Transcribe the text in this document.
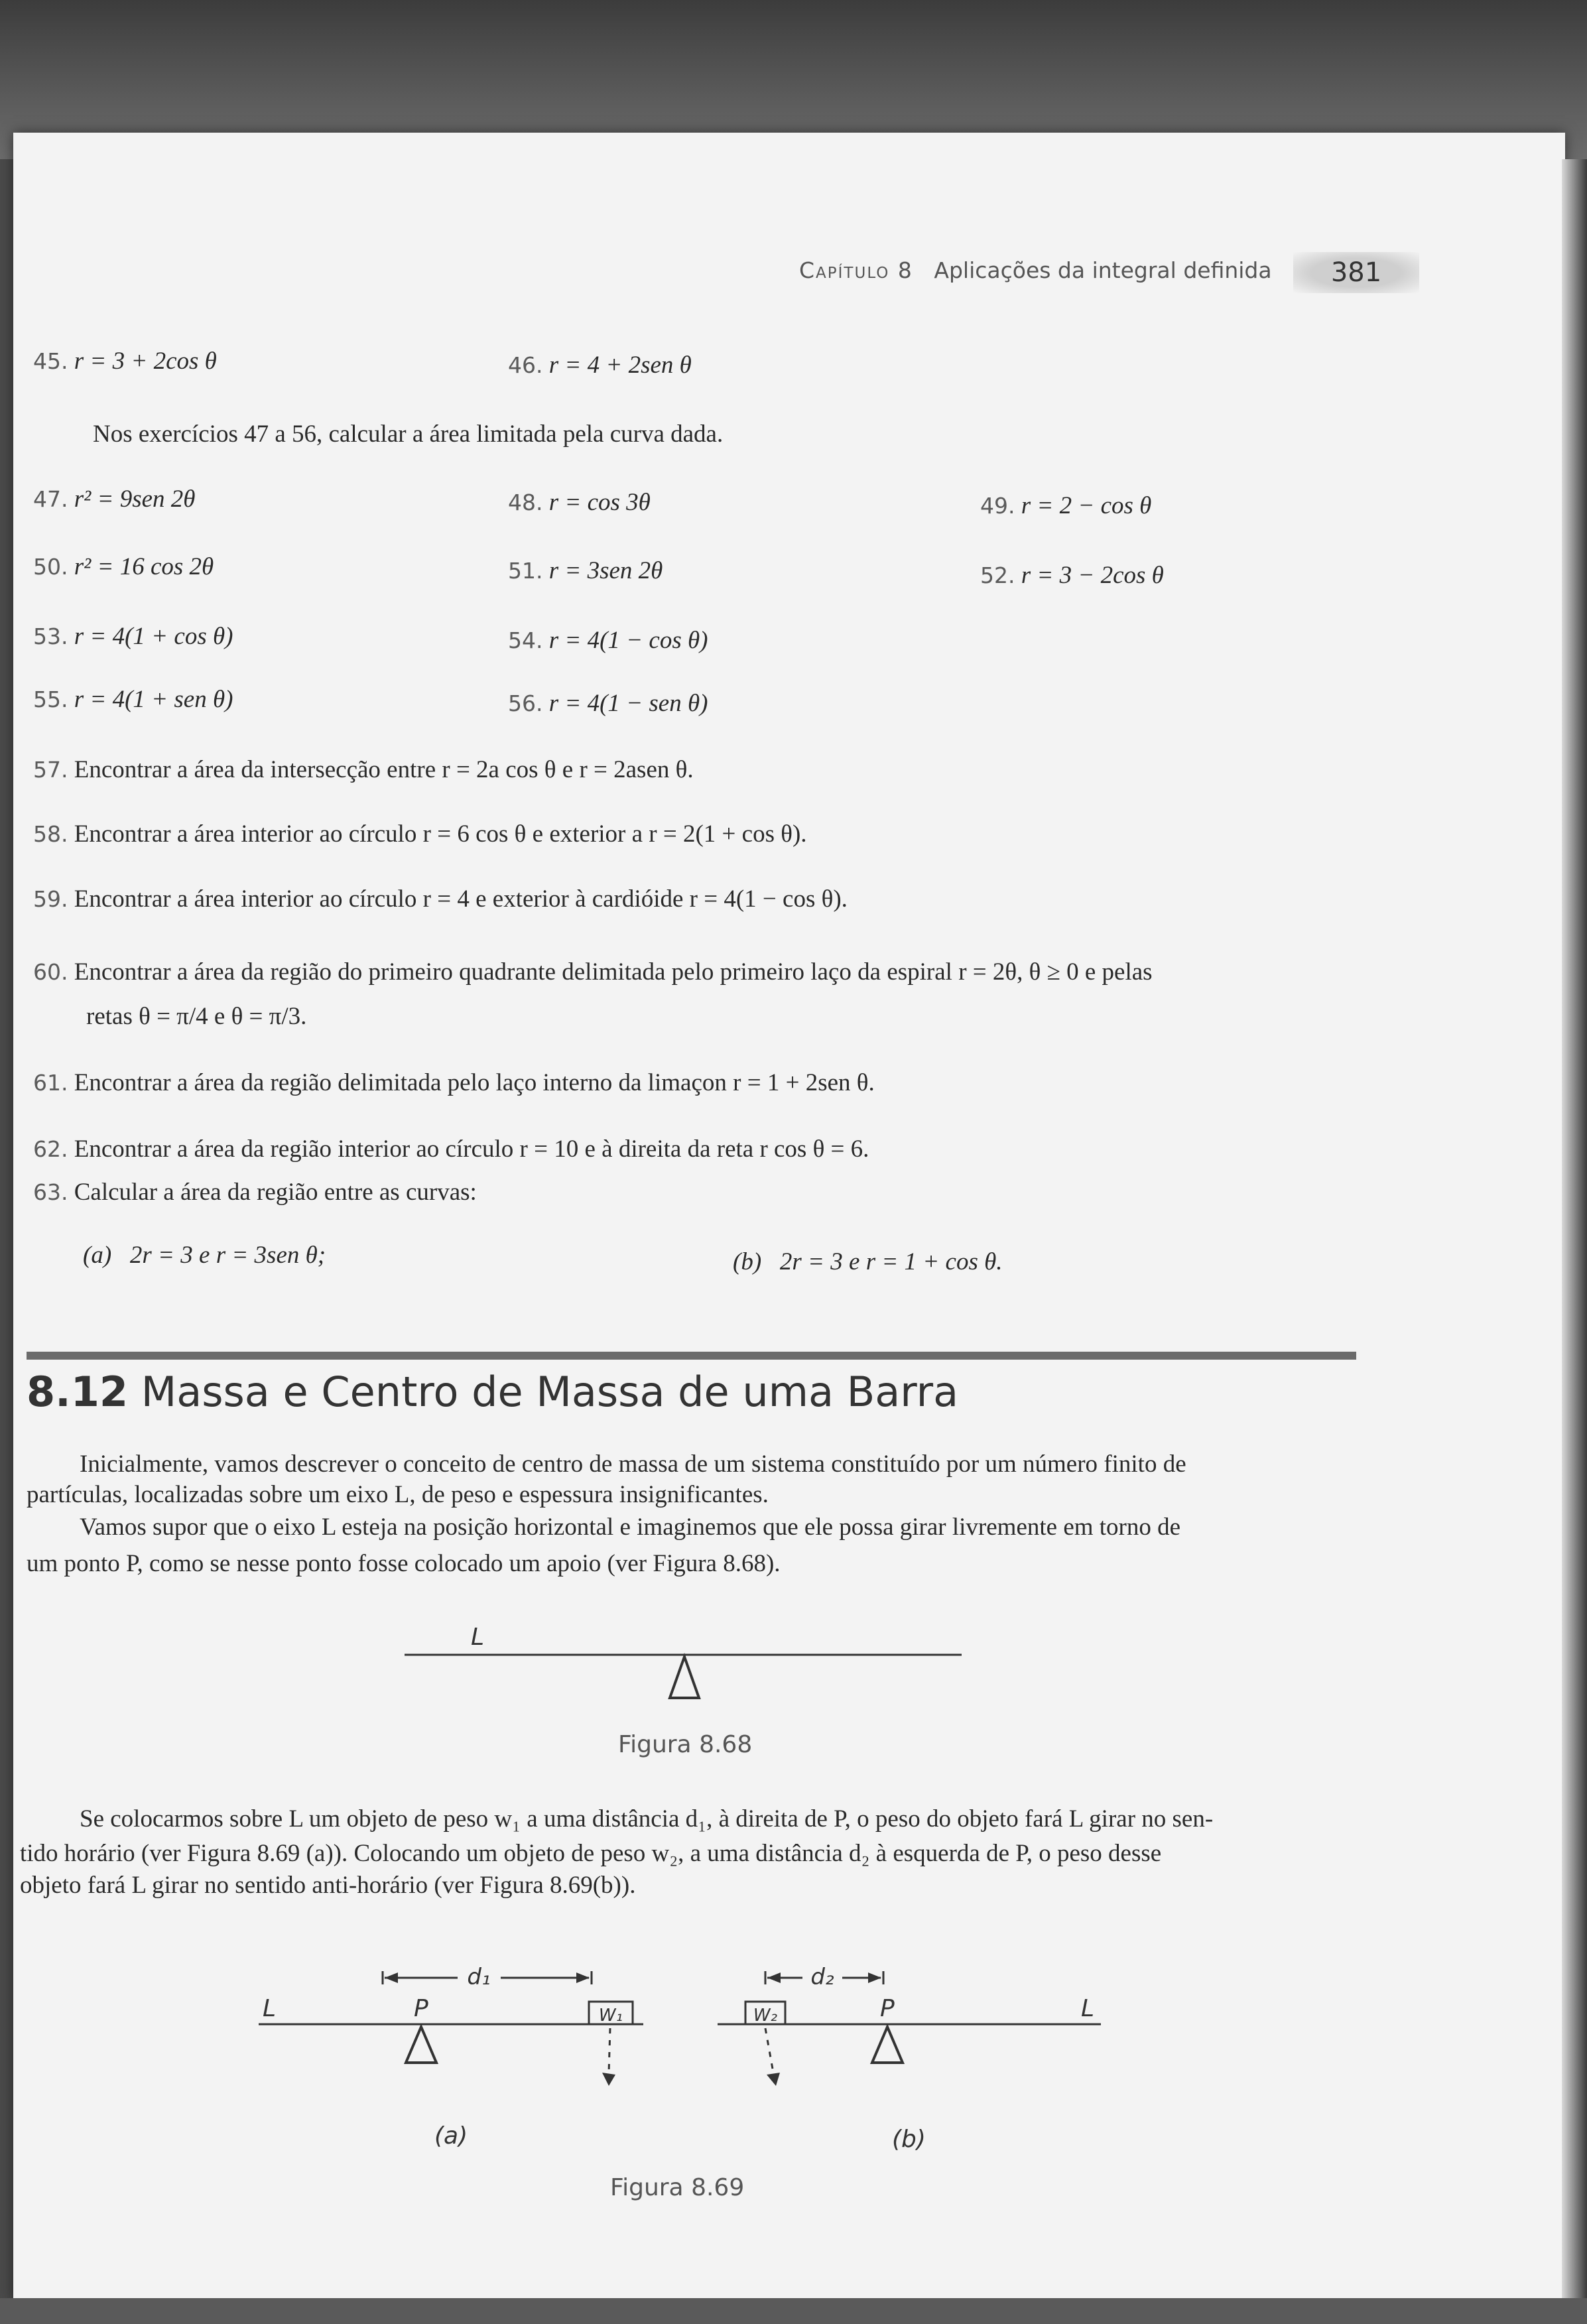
Capítulo 8 Aplicações da integral definida	381
45. r = 3 + 2cos θ	46. r = 4 + 2sen θ
Nos exercícios 47 a 56, calcular a área limitada pela curva dada.
47. r² = 9sen 2θ	48. r = cos 3θ	49. r = 2 − cos θ
50. r² = 16 cos 2θ	51. r = 3sen 2θ	52. r = 3 − 2cos θ
53. r = 4(1 + cos θ)	54. r = 4(1 − cos θ)
55. r = 4(1 + sen θ)	56. r = 4(1 − sen θ)
57. Encontrar a área da intersecção entre r = 2a cos θ e r = 2asen θ.
58. Encontrar a área interior ao círculo r = 6 cos θ e exterior a r = 2(1 + cos θ).
59. Encontrar a área interior ao círculo r = 4 e exterior à cardióide r = 4(1 − cos θ).
60. Encontrar a área da região do primeiro quadrante delimitada pelo primeiro laço da espiral r = 2θ, θ ≥ 0 e pelas
retas θ = π/4 e θ = π/3.
61. Encontrar a área da região delimitada pelo laço interno da limaçon r = 1 + 2sen θ.
62. Encontrar a área da região interior ao círculo r = 10 e à direita da reta r cos θ = 6.
63. Calcular a área da região entre as curvas:
(a) 2r = 3 e r = 3sen θ;	(b) 2r = 3 e r = 1 + cos θ.
8.12 Massa e Centro de Massa de uma Barra
Inicialmente, vamos descrever o conceito de centro de massa de um sistema constituído por um número finito de
partículas, localizadas sobre um eixo L, de peso e espessura insignificantes.
Vamos supor que o eixo L esteja na posição horizontal e imaginemos que ele possa girar livremente em torno de
um ponto P, como se nesse ponto fosse colocado um apoio (ver Figura 8.68).
L
Figura 8.68
Se colocarmos sobre L um objeto de peso w₁ a uma distância d₁, à direita de P, o peso do objeto fará L girar no sen-
tido horário (ver Figura 8.69 (a)). Colocando um objeto de peso w₂, a uma distância d₂ à esquerda de P, o peso desse
objeto fará L girar no sentido anti-horário (ver Figura 8.69(b)).
W₁
d₁
L	P
(a)
W₂
d₂
L
P
(b)
Figura 8.69
